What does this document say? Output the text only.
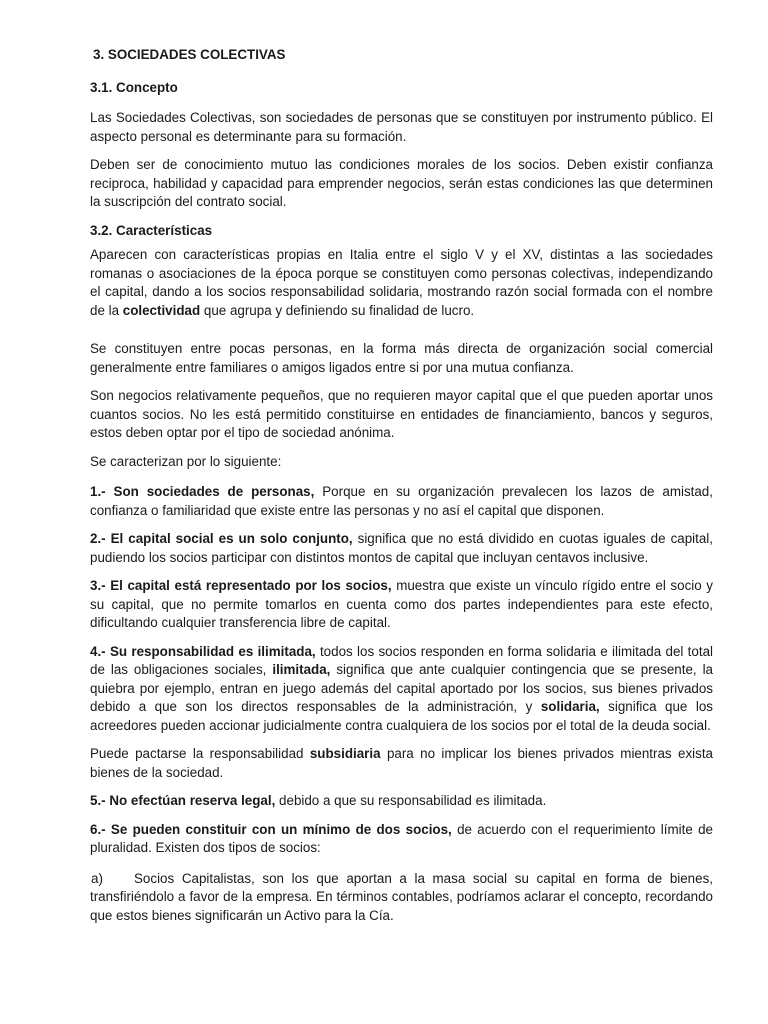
3. SOCIEDADES COLECTIVAS

3.1. Concepto

Las Sociedades Colectivas, son sociedades de personas que se constituyen por instrumento público. El aspecto personal es determinante para su formación.

Deben ser de conocimiento mutuo las condiciones morales de los socios. Deben existir confianza reciproca, habilidad y capacidad para emprender negocios, serán estas condiciones las que determinen la suscripción del contrato social.

3.2. Características

Aparecen con características propias en Italia entre el siglo V y el XV, distintas a las sociedades romanas o asociaciones de la época porque se constituyen como personas colectivas, independizando el capital, dando a los socios responsabilidad solidaria, mostrando razón social formada con el nombre de la colectividad que agrupa y definiendo su finalidad de lucro.

Se constituyen entre pocas personas, en la forma más directa de organización social comercial generalmente entre familiares o amigos ligados entre si por una mutua confianza.

Son negocios relativamente pequeños, que no requieren mayor capital que el que pueden aportar unos cuantos socios. No les está permitido constituirse en entidades de financiamiento, bancos y seguros, estos deben optar por el tipo de sociedad anónima.

Se caracterizan por lo siguiente:

1.- Son sociedades de personas, Porque en su organización prevalecen los lazos de amistad, confianza o familiaridad que existe entre las personas y no así el capital que disponen.

2.- El capital social es un solo conjunto, significa que no está dividido en cuotas iguales de capital, pudiendo los socios participar con distintos montos de capital que incluyan centavos inclusive.

3.- El capital está representado por los socios, muestra que existe un vínculo rígido entre el socio y su capital, que no permite tomarlos en cuenta como dos partes independientes para este efecto, dificultando cualquier transferencia libre de capital.

4.- Su responsabilidad es ilimitada, todos los socios responden en forma solidaria e ilimitada del total de las obligaciones sociales, ilimitada, significa que ante cualquier contingencia que se presente, la quiebra por ejemplo, entran en juego además del capital aportado por los socios, sus bienes privados debido a que son los directos responsables de la administración, y solidaria, significa que los acreedores pueden accionar judicialmente contra cualquiera de los socios por el total de la deuda social.

Puede pactarse la responsabilidad subsidiaria para no implicar los bienes privados mientras exista bienes de la sociedad.

5.- No efectúan reserva legal, debido a que su responsabilidad es ilimitada.

6.- Se pueden constituir con un mínimo de dos socios, de acuerdo con el requerimiento límite de pluralidad. Existen dos tipos de socios:

a) Socios Capitalistas, son los que aportan a la masa social su capital en forma de bienes, transfiriéndolo a favor de la empresa. En términos contables, podríamos aclarar el concepto, recordando que estos bienes significarán un Activo para la Cía.
